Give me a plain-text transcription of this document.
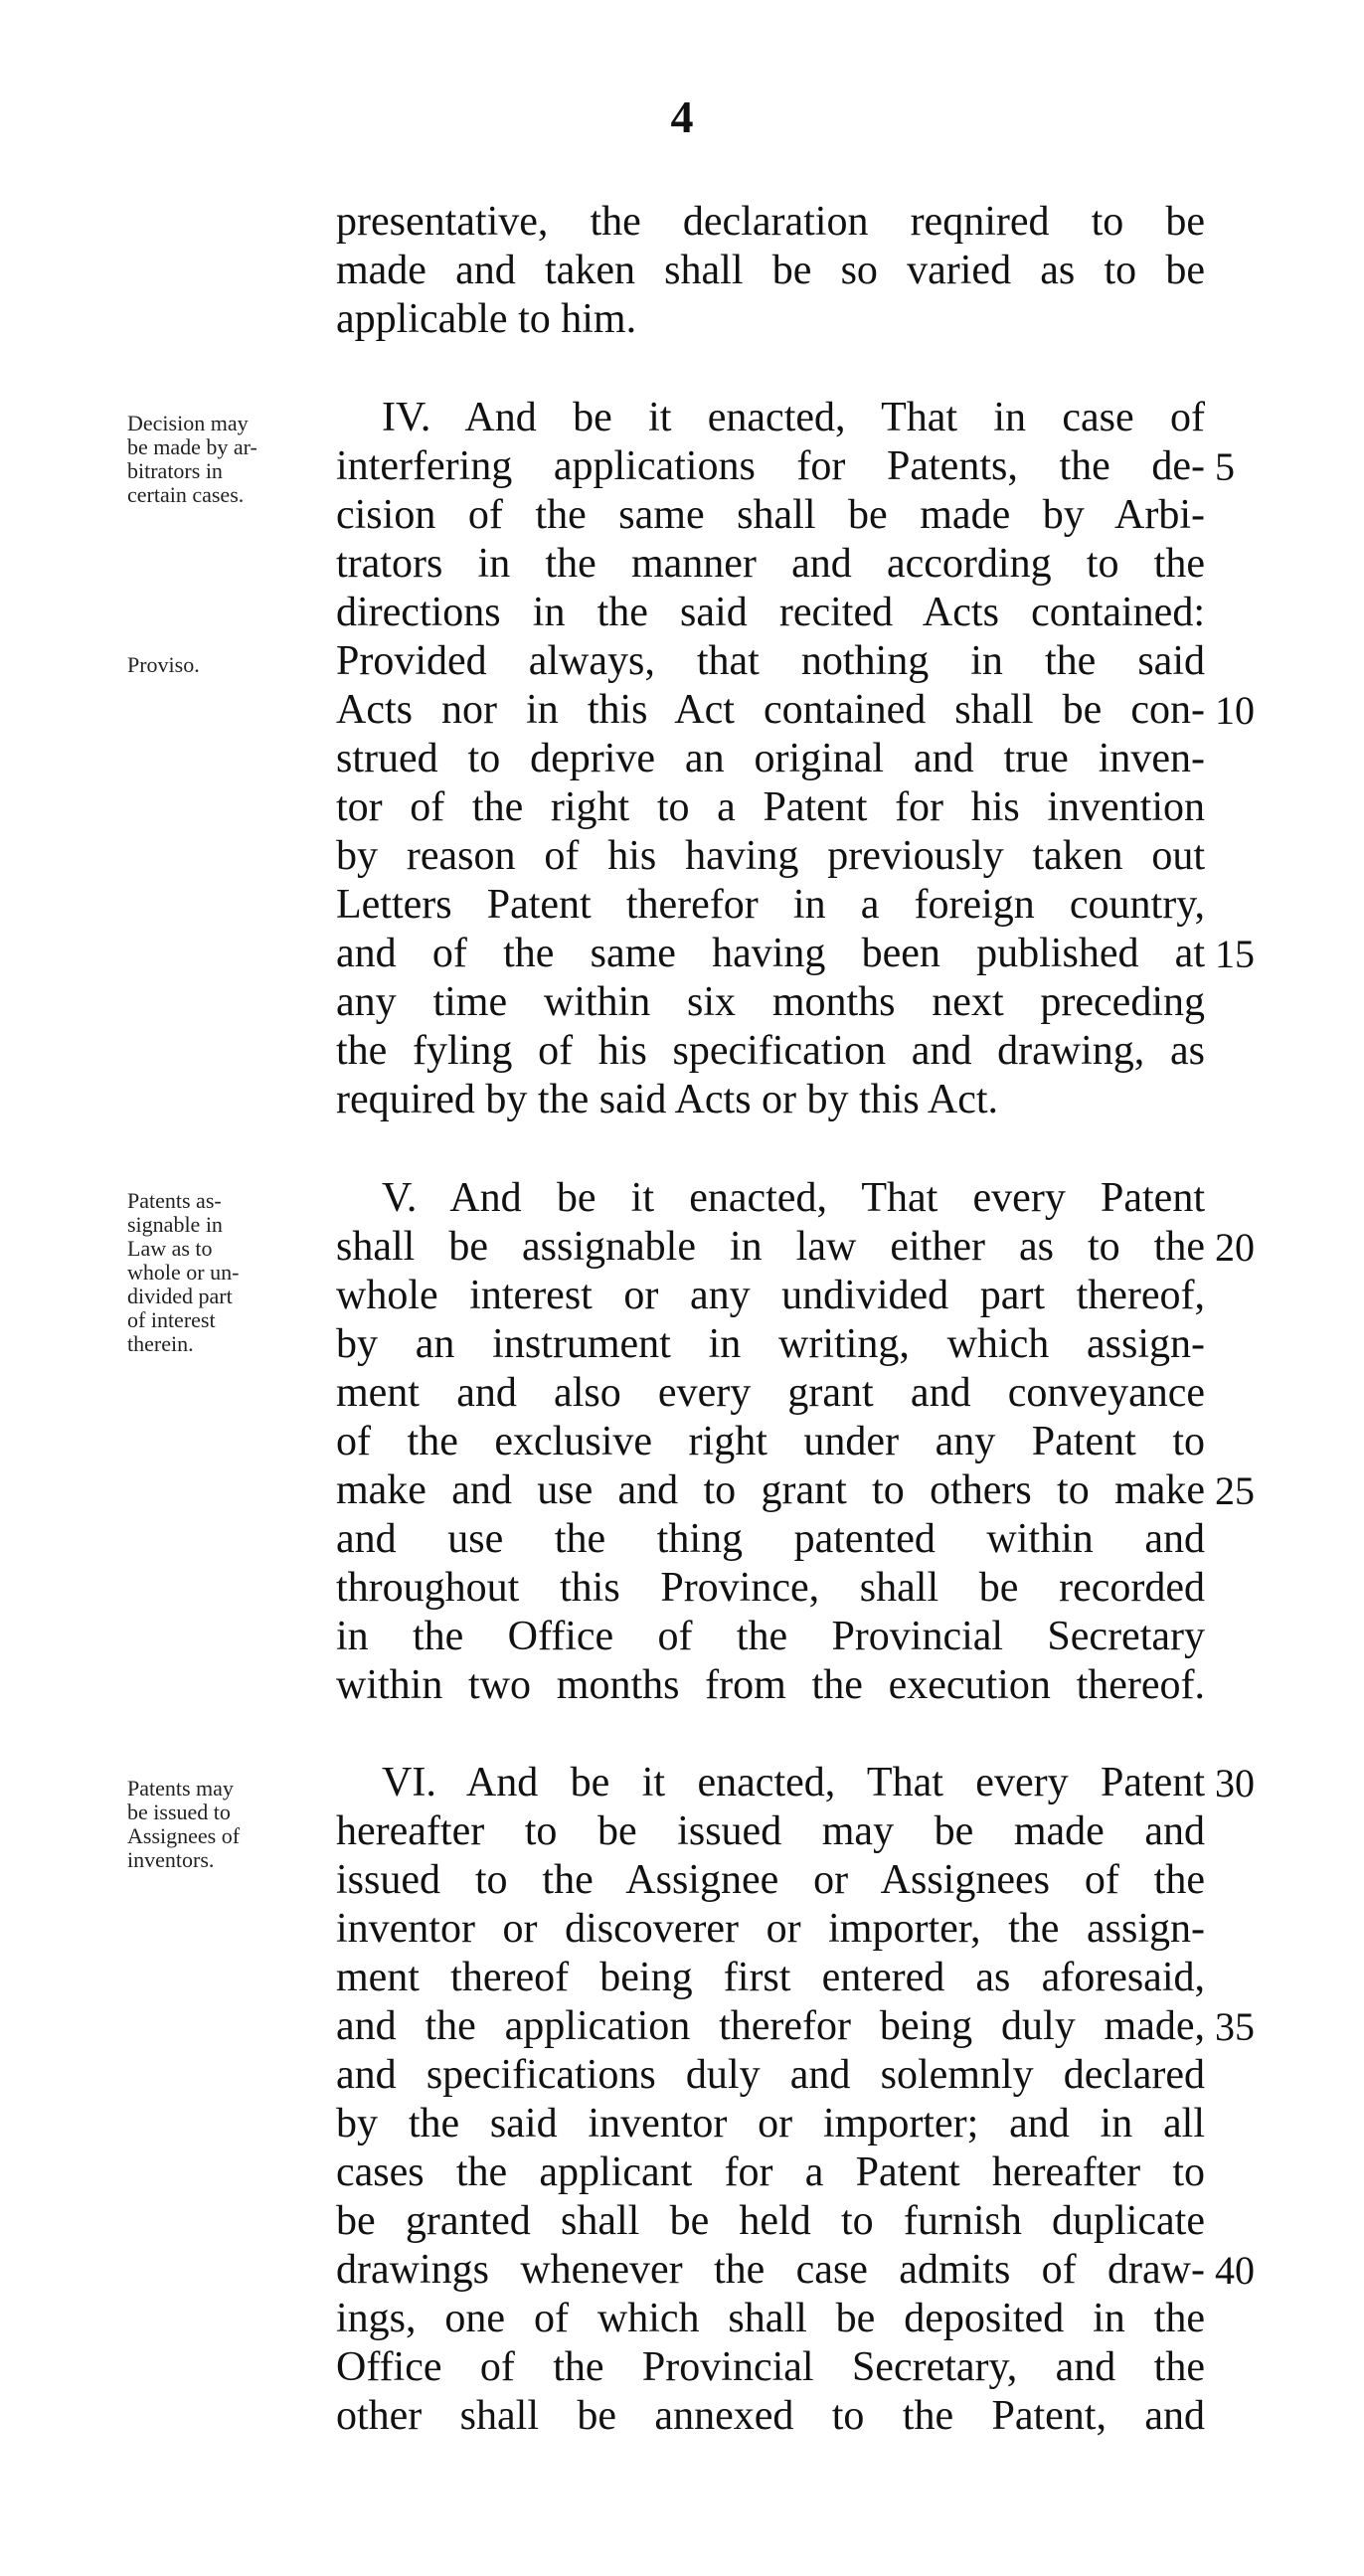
4
presentative, the declaration reqnired to be
made and taken shall be so varied as to be
applicable to him.
Decision may
be made by ar-
bitrators in
certain cases.
Proviso.
IV. And be it enacted, That in case of
interfering applications for Patents, the de-
cision of the same shall be made by Arbi-
trators in the manner and according to the
directions in the said recited Acts contained:
Provided always, that nothing in the said
Acts nor in this Act contained shall be con-
strued to deprive an original and true inven-
tor of the right to a Patent for his invention
by reason of his having previously taken out
Letters Patent therefor in a foreign country,
and of the same having been published at
any time within six months next preceding
the fyling of his specification and drawing, as
required by the said Acts or by this Act.
5
10
15
Patents as-
signable in
Law as to
whole or un-
divided part
of interest
therein.
V. And be it enacted, That every Patent
shall be assignable in law either as to the
whole interest or any undivided part thereof,
by an instrument in writing, which assign-
ment and also every grant and conveyance
of the exclusive right under any Patent to
make and use and to grant to others to make
and use the thing patented within and
throughout this Province, shall be recorded
in the Office of the Provincial Secretary
within two months from the execution thereof.
20
25
Patents may
be issued to
Assignees of
inventors.
VI. And be it enacted, That every Patent
hereafter to be issued may be made and
issued to the Assignee or Assignees of the
inventor or discoverer or importer, the assign-
ment thereof being first entered as aforesaid,
and the application therefor being duly made,
and specifications duly and solemnly declared
by the said inventor or importer; and in all
cases the applicant for a Patent hereafter to
be granted shall be held to furnish duplicate
drawings whenever the case admits of draw-
ings, one of which shall be deposited in the
Office of the Provincial Secretary, and the
other shall be annexed to the Patent, and
30
35
40
